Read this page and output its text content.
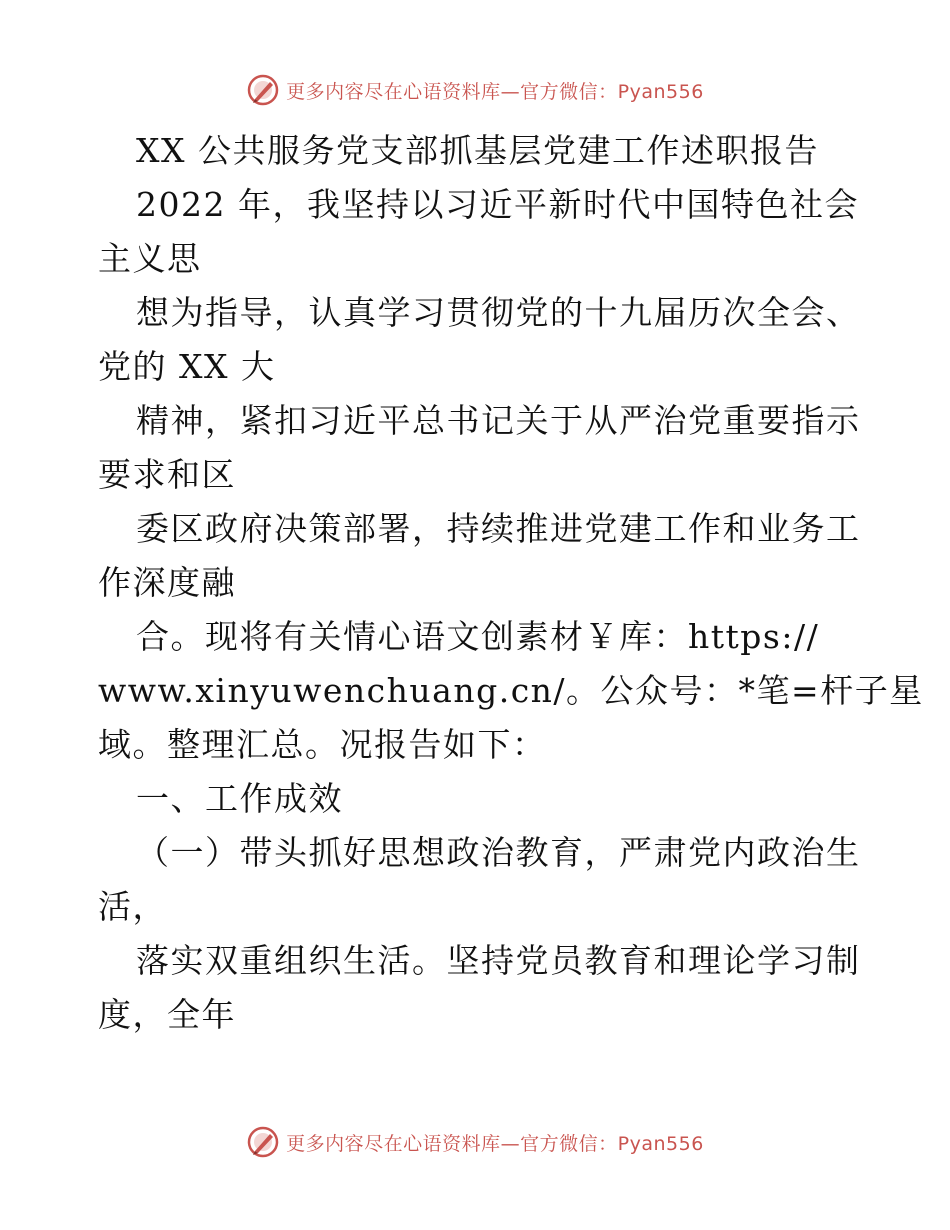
更多内容尽在心语资料库—官方微信：Pyan556
XX 公共服务党支部抓基层党建工作述职报告
2022 年，我坚持以习近平新时代中国特色社会
主义思
想为指导，认真学习贯彻党的十九届历次全会、
党的 XX 大
精神，紧扣习近平总书记关于从严治党重要指示
要求和区
委区政府决策部署，持续推进党建工作和业务工
作深度融
合。现将有关情心语文创素材￥库：https://
www.xinyuwenchuang.cn/。公众号：*笔=杆子星
域。整理汇总。况报告如下：
一、工作成效
（一）带头抓好思想政治教育，严肃党内政治生
活，
落实双重组织生活。坚持党员教育和理论学习制
度，全年
更多内容尽在心语资料库—官方微信：Pyan556
